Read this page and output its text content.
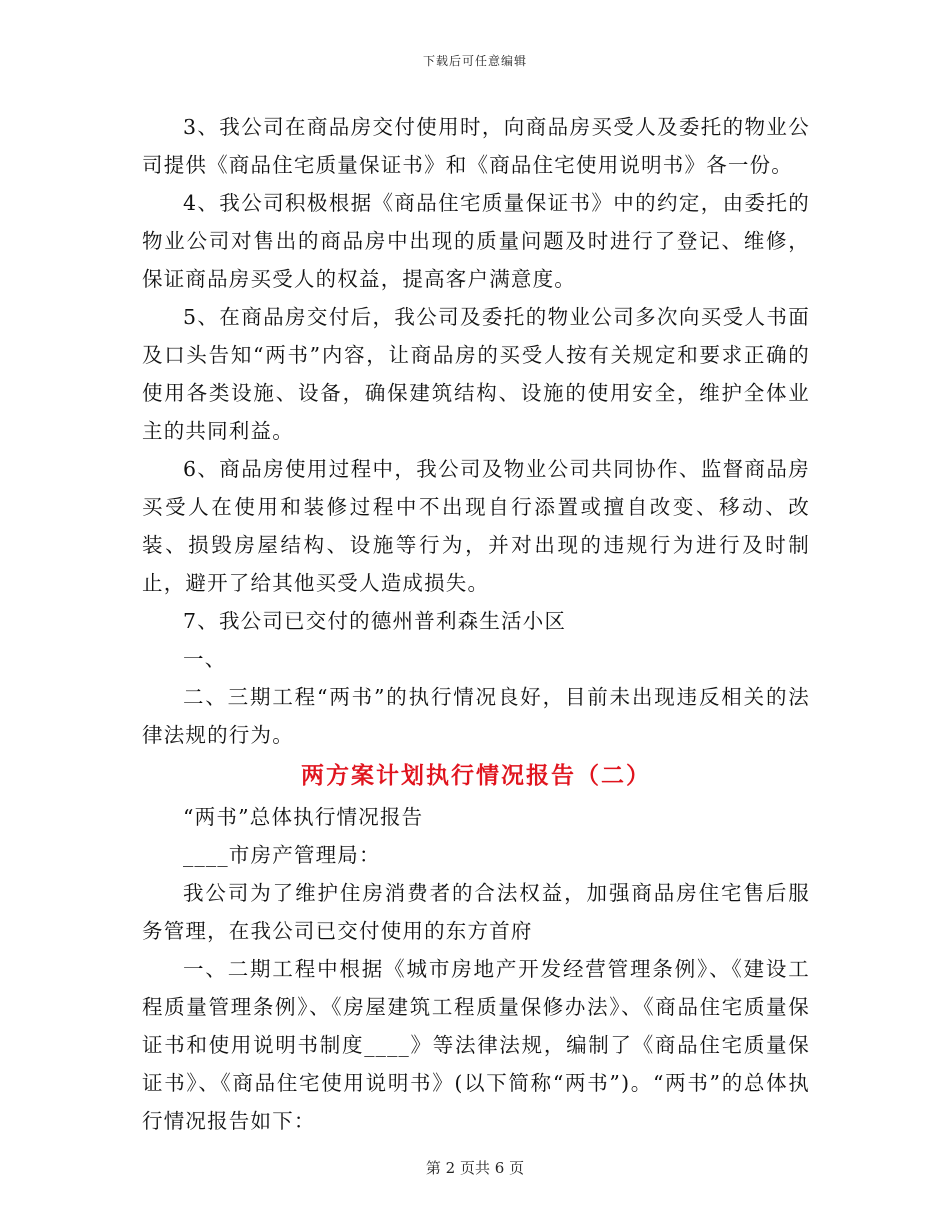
下载后可任意编辑

3、我公司在商品房交付使用时，向商品房买受人及委托的物业公司提供《商品住宅质量保证书》和《商品住宅使用说明书》各一份。

4、我公司积极根据《商品住宅质量保证书》中的约定，由委托的物业公司对售出的商品房中出现的质量问题及时进行了登记、维修，保证商品房买受人的权益，提高客户满意度。

5、在商品房交付后，我公司及委托的物业公司多次向买受人书面及口头告知“两书”内容，让商品房的买受人按有关规定和要求正确的使用各类设施、设备，确保建筑结构、设施的使用安全，维护全体业主的共同利益。

6、商品房使用过程中，我公司及物业公司共同协作、监督商品房买受人在使用和装修过程中不出现自行添置或擅自改变、移动、改装、损毁房屋结构、设施等行为，并对出现的违规行为进行及时制止，避开了给其他买受人造成损失。

7、我公司已交付的德州普利森生活小区

一、

二、三期工程“两书”的执行情况良好，目前未出现违反相关的法律法规的行为。

两方案计划执行情况报告（二）

“两书”总体执行情况报告

____市房产管理局：

我公司为了维护住房消费者的合法权益，加强商品房住宅售后服务管理，在我公司已交付使用的东方首府

一、二期工程中根据《城市房地产开发经营管理条例》、《建设工程质量管理条例》、《房屋建筑工程质量保修办法》、《商品住宅质量保证书和使用说明书制度____》等法律法规，编制了《商品住宅质量保证书》、《商品住宅使用说明书》(以下简称“两书”)。“两书”的总体执行情况报告如下：

第 2 页共 6 页
